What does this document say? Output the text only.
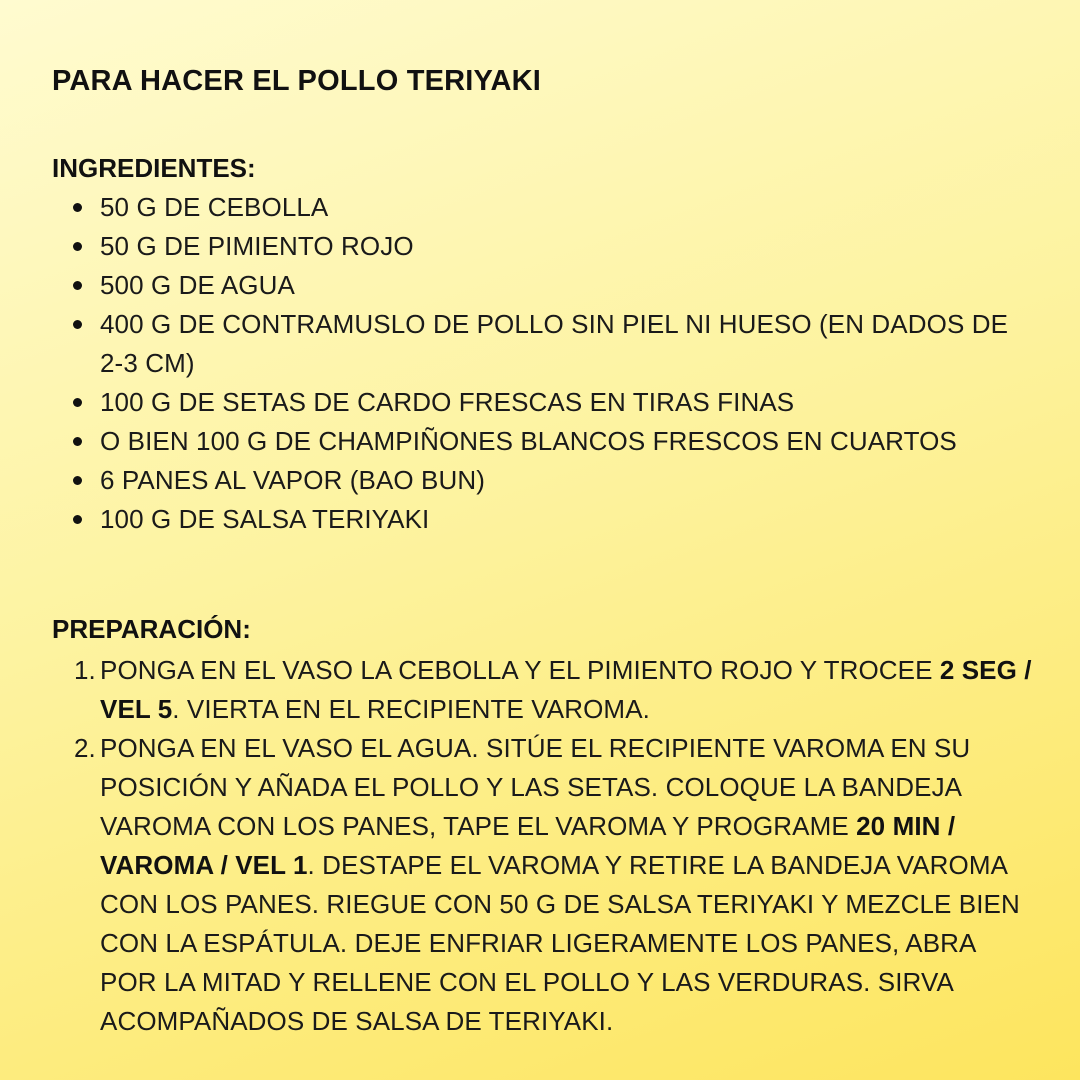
PARA HACER EL POLLO TERIYAKI
INGREDIENTES:
50 G DE CEBOLLA
50 G DE PIMIENTO ROJO
500 G DE AGUA
400 G DE CONTRAMUSLO DE POLLO SIN PIEL NI HUESO (EN DADOS DE 2-3 CM)
100 G DE SETAS DE CARDO FRESCAS EN TIRAS FINAS
O BIEN 100 G DE CHAMPIÑONES BLANCOS FRESCOS EN CUARTOS
6 PANES AL VAPOR (BAO BUN)
100 G DE SALSA TERIYAKI
PREPARACIÓN:
1. PONGA EN EL VASO LA CEBOLLA Y EL PIMIENTO ROJO Y TROCEE 2 SEG / VEL 5. VIERTA EN EL RECIPIENTE VAROMA.
2. PONGA EN EL VASO EL AGUA. SITÚE EL RECIPIENTE VAROMA EN SU POSICIÓN Y AÑADA EL POLLO Y LAS SETAS. COLOQUE LA BANDEJA VAROMA CON LOS PANES, TAPE EL VAROMA Y PROGRAME 20 MIN / VAROMA / VEL 1. DESTAPE EL VAROMA Y RETIRE LA BANDEJA VAROMA CON LOS PANES. RIEGUE CON 50 G DE SALSA TERIYAKI Y MEZCLE BIEN CON LA ESPÁTULA. DEJE ENFRIAR LIGERAMENTE LOS PANES, ABRA POR LA MITAD Y RELLENE CON EL POLLO Y LAS VERDURAS. SIRVA ACOMPAÑADOS DE SALSA DE TERIYAKI.
